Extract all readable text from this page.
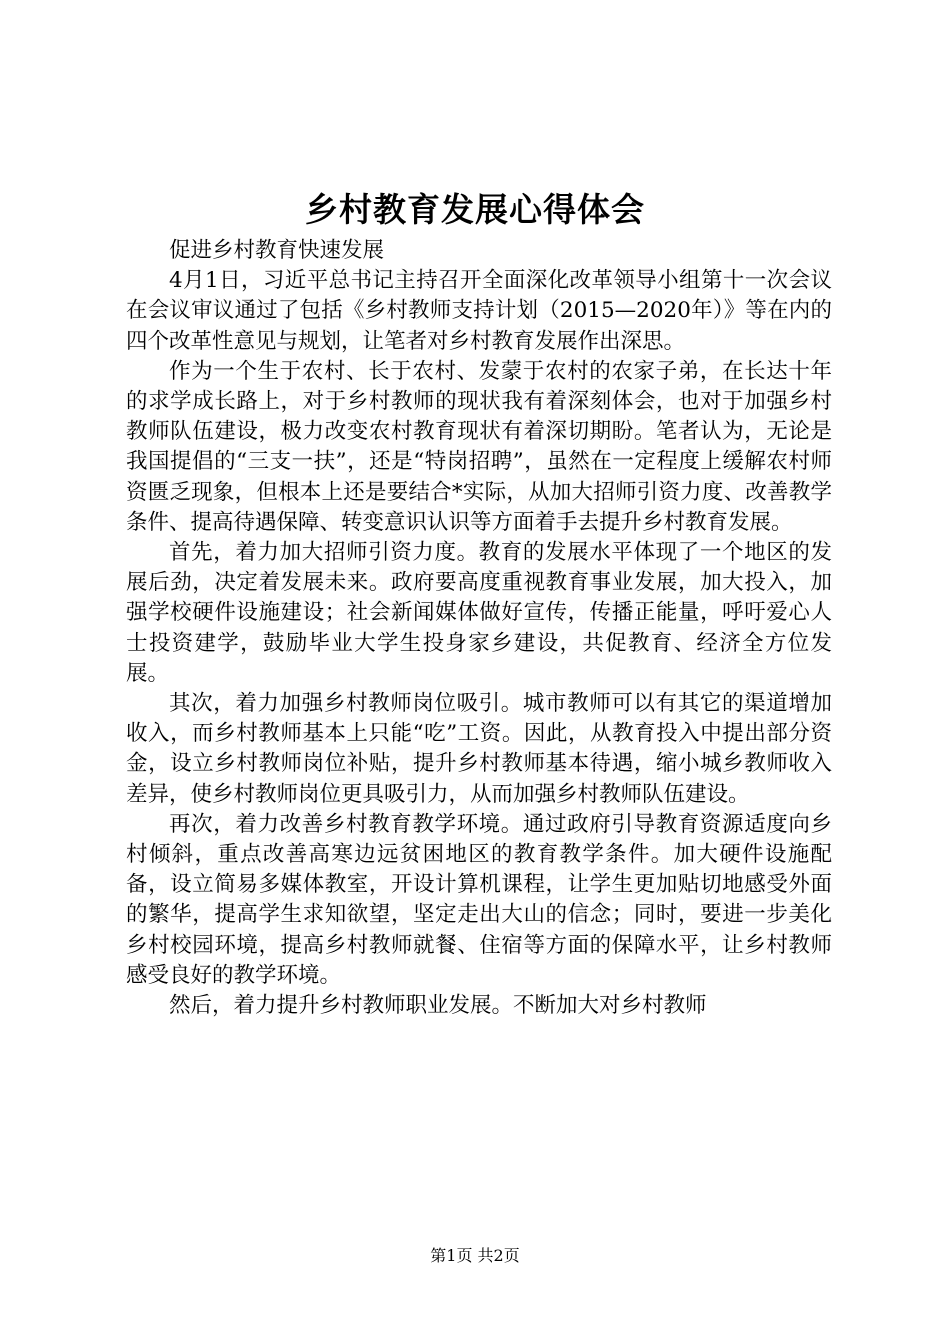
乡村教育发展心得体会

促进乡村教育快速发展

4月1日，习近平总书记主持召开全面深化改革领导小组第十一次会议在会议审议通过了包括《乡村教师支持计划（2015—2020年）》等在内的四个改革性意见与规划，让笔者对乡村教育发展作出深思。

作为一个生于农村、长于农村、发蒙于农村的农家子弟，在长达十年的求学成长路上，对于乡村教师的现状我有着深刻体会，也对于加强乡村教师队伍建设，极力改变农村教育现状有着深切期盼。笔者认为，无论是我国提倡的“三支一扶”，还是“特岗招聘”，虽然在一定程度上缓解农村师资匮乏现象，但根本上还是要结合*实际，从加大招师引资力度、改善教学条件、提高待遇保障、转变意识认识等方面着手去提升乡村教育发展。

首先，着力加大招师引资力度。教育的发展水平体现了一个地区的发展后劲，决定着发展未来。政府要高度重视教育事业发展，加大投入，加强学校硬件设施建设；社会新闻媒体做好宣传，传播正能量，呼吁爱心人士投资建学，鼓励毕业大学生投身家乡建设，共促教育、经济全方位发展。

其次，着力加强乡村教师岗位吸引。城市教师可以有其它的渠道增加收入，而乡村教师基本上只能“吃”工资。因此，从教育投入中提出部分资金，设立乡村教师岗位补贴，提升乡村教师基本待遇，缩小城乡教师收入差异，使乡村教师岗位更具吸引力，从而加强乡村教师队伍建设。

再次，着力改善乡村教育教学环境。通过政府引导教育资源适度向乡村倾斜，重点改善高寒边远贫困地区的教育教学条件。加大硬件设施配备，设立简易多媒体教室，开设计算机课程，让学生更加贴切地感受外面的繁华，提高学生求知欲望，坚定走出大山的信念；同时，要进一步美化乡村校园环境，提高乡村教师就餐、住宿等方面的保障水平，让乡村教师感受良好的教学环境。

然后，着力提升乡村教师职业发展。不断加大对乡村教师

第1页 共2页
